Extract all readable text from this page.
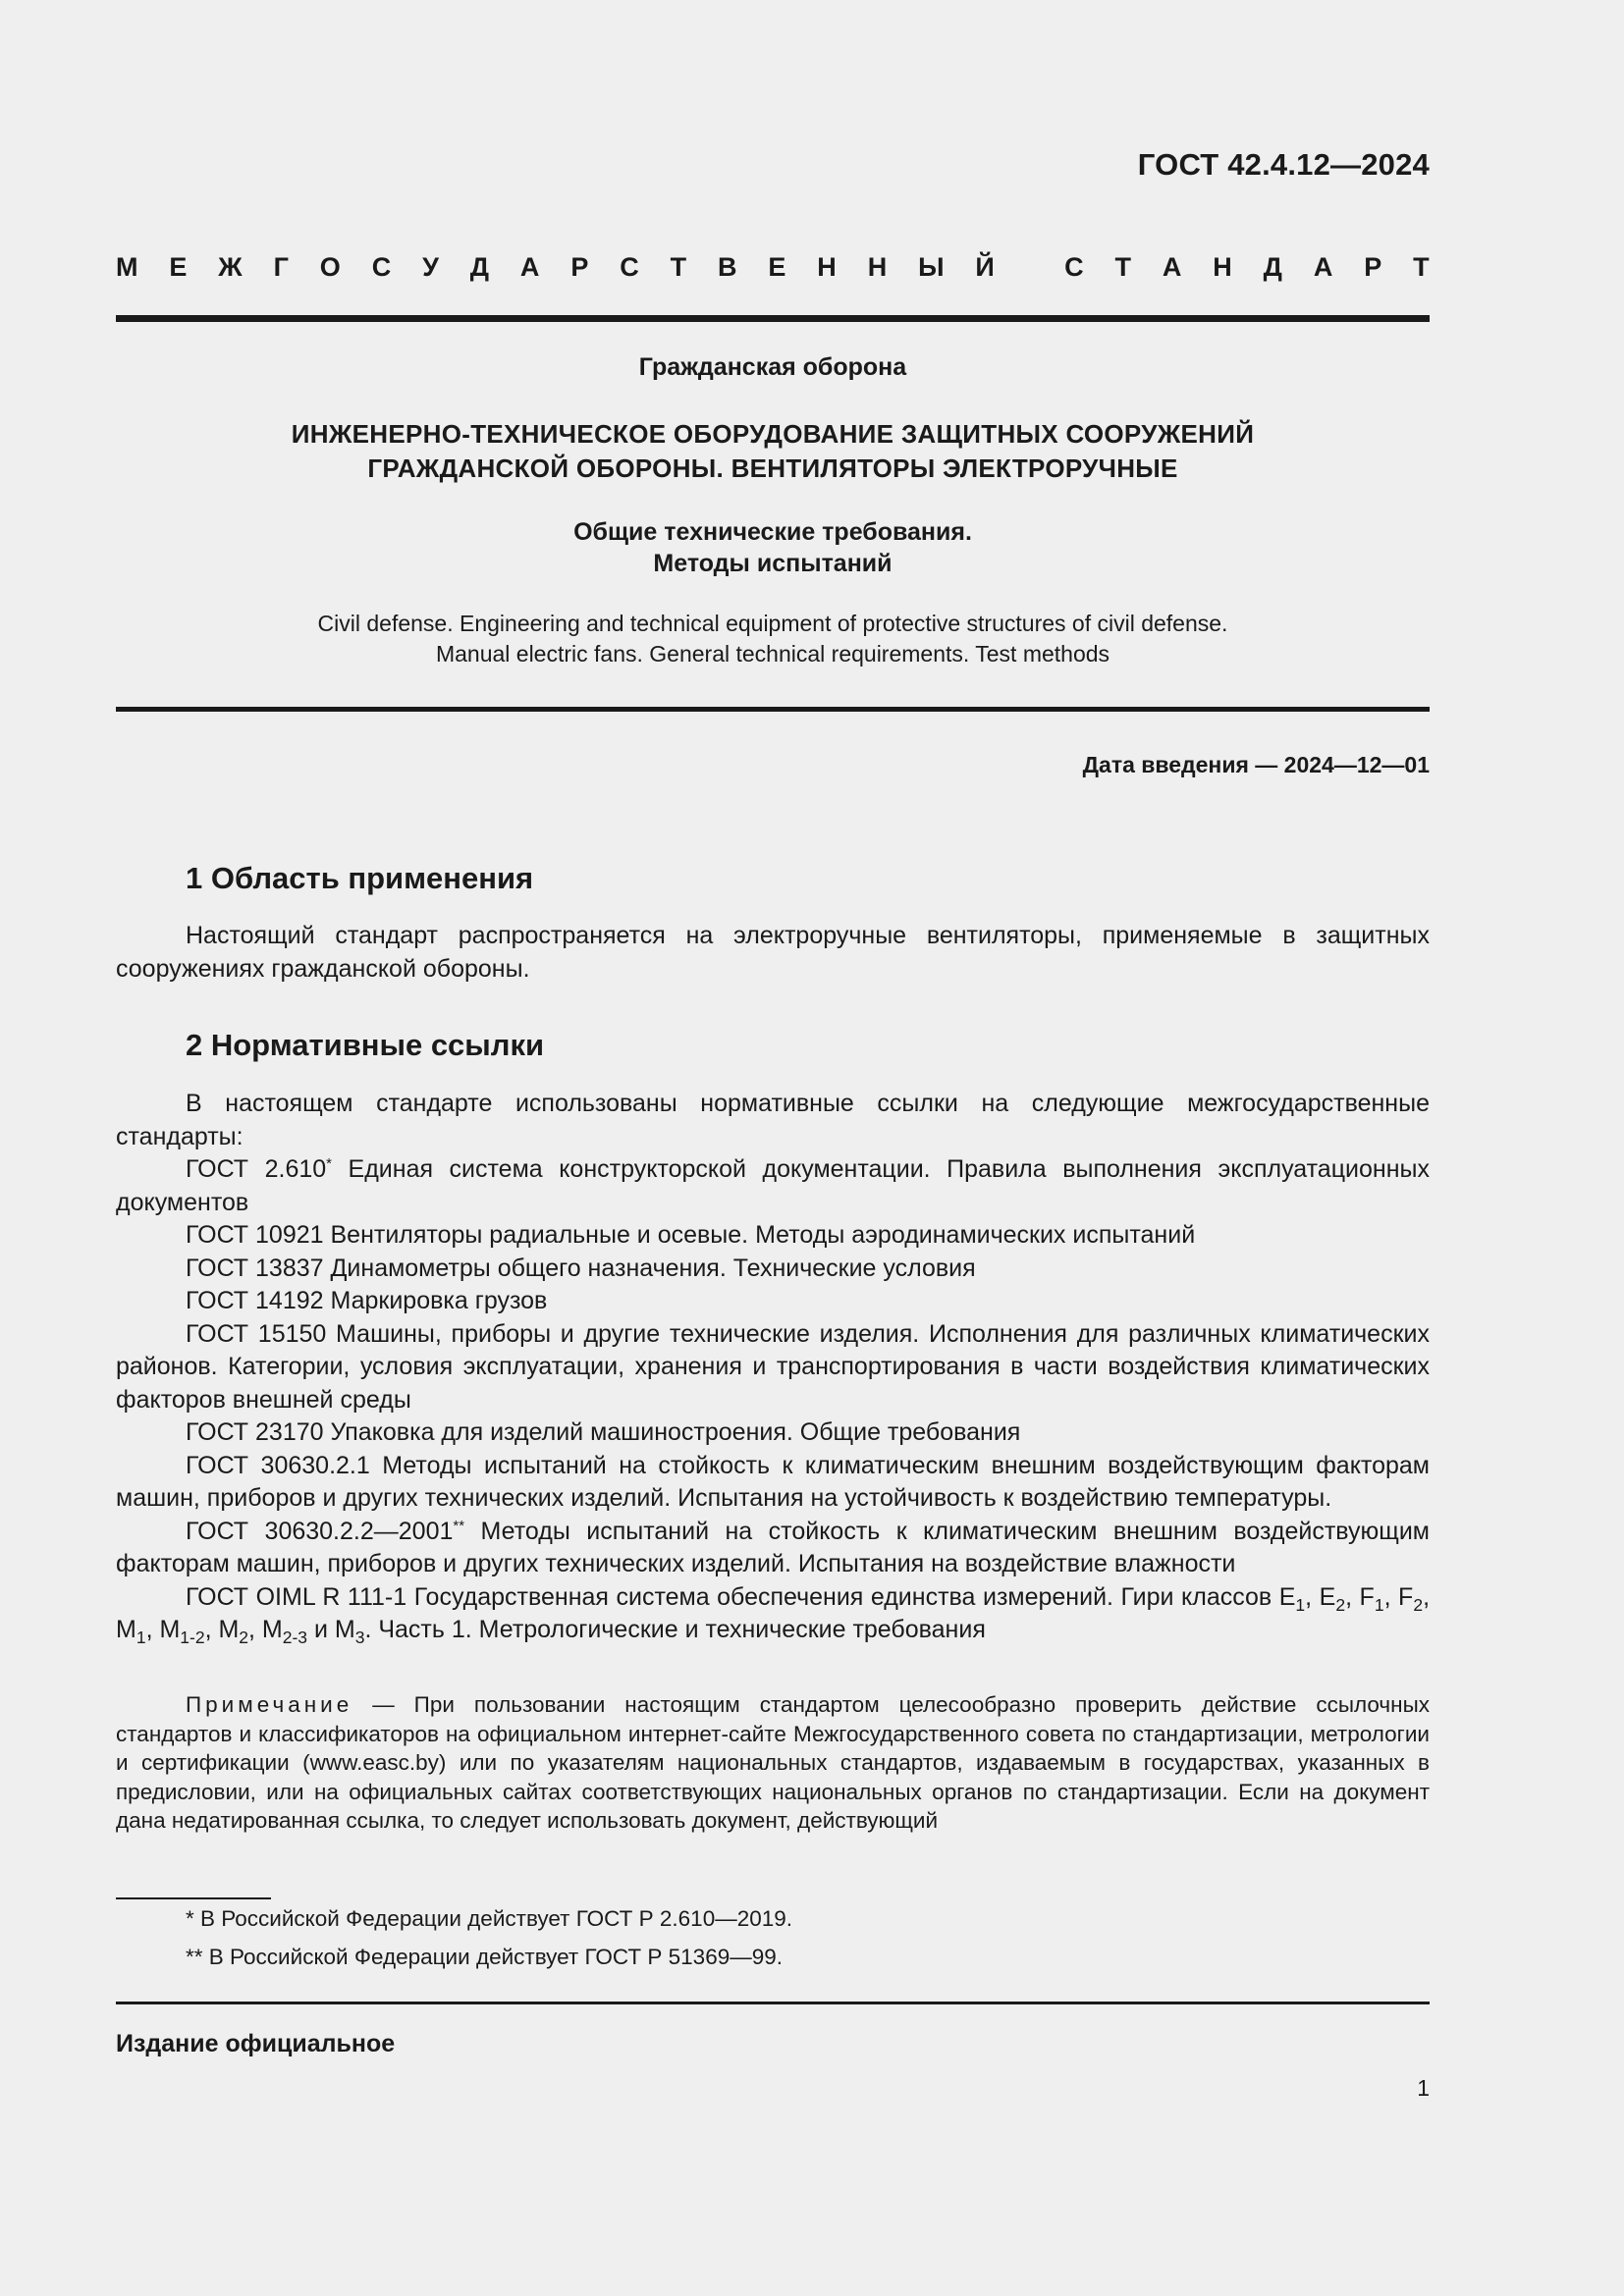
ГОСТ 42.4.12—2024
М Е Ж Г О С У Д А Р С Т В Е Н Н Ы Й
	С Т А Н Д А Р Т
Гражданская оборона
ИНЖЕНЕРНО-ТЕХНИЧЕСКОЕ ОБОРУДОВАНИЕ ЗАЩИТНЫХ СООРУЖЕНИЙ
ГРАЖДАНСКОЙ ОБОРОНЫ. ВЕНТИЛЯТОРЫ ЭЛЕКТРОРУЧНЫЕ
Общие технические требования.
Методы испытаний
Civil defense. Engineering and technical equipment of protective structures of civil defense.
Manual electric fans. General technical requirements. Test methods
Дата введения — 2024—12—01
1 Область применения

Настоящий стандарт распространяется на электроручные вентиляторы, применяемые в защитных сооружениях гражданской обороны.

2 Нормативные ссылки

В настоящем стандарте использованы нормативные ссылки на следующие межгосударственные стандарты:

ГОСТ 2.610* Единая система конструкторской документации. Правила выполнения эксплуатационных документов

ГОСТ 10921 Вентиляторы радиальные и осевые. Методы аэродинамических испытаний

ГОСТ 13837 Динамометры общего назначения. Технические условия

ГОСТ 14192 Маркировка грузов

ГОСТ 15150 Машины, приборы и другие технические изделия. Исполнения для различных климатических районов. Категории, условия эксплуатации, хранения и транспортирования в части воздействия климатических факторов внешней среды

ГОСТ 23170 Упаковка для изделий машиностроения. Общие требования

ГОСТ 30630.2.1 Методы испытаний на стойкость к климатическим внешним воздействующим факторам машин, приборов и других технических изделий. Испытания на устойчивость к воздействию температуры.

ГОСТ 30630.2.2—2001** Методы испытаний на стойкость к климатическим внешним воздействующим факторам машин, приборов и других технических изделий. Испытания на воздействие влажности

ГОСТ OIML R 111-1 Государственная система обеспечения единства измерений. Гири классов $E_1$, $E_2$, $F_1$, $F_2$, $M_1$, $M_{1-2}$, $M_2$, $M_{2-3}$ и $M_3$. Часть 1. Метрологические и технические требования

Примечание — При пользовании настоящим стандартом целесообразно проверить действие ссылочных стандартов и классификаторов на официальном интернет-сайте Межгосударственного совета по стандартизации, метрологии и сертификации (www.easc.by) или по указателям национальных стандартов, издаваемым в государствах, указанных в предисловии, или на официальных сайтах соответствующих национальных органов по стандартизации. Если на документ дана недатированная ссылка, то следует использовать документ, действующий
* В Российской Федерации действует ГОСТ Р 2.610—2019.
** В Российской Федерации действует ГОСТ Р 51369—99.
Издание официальное
1
